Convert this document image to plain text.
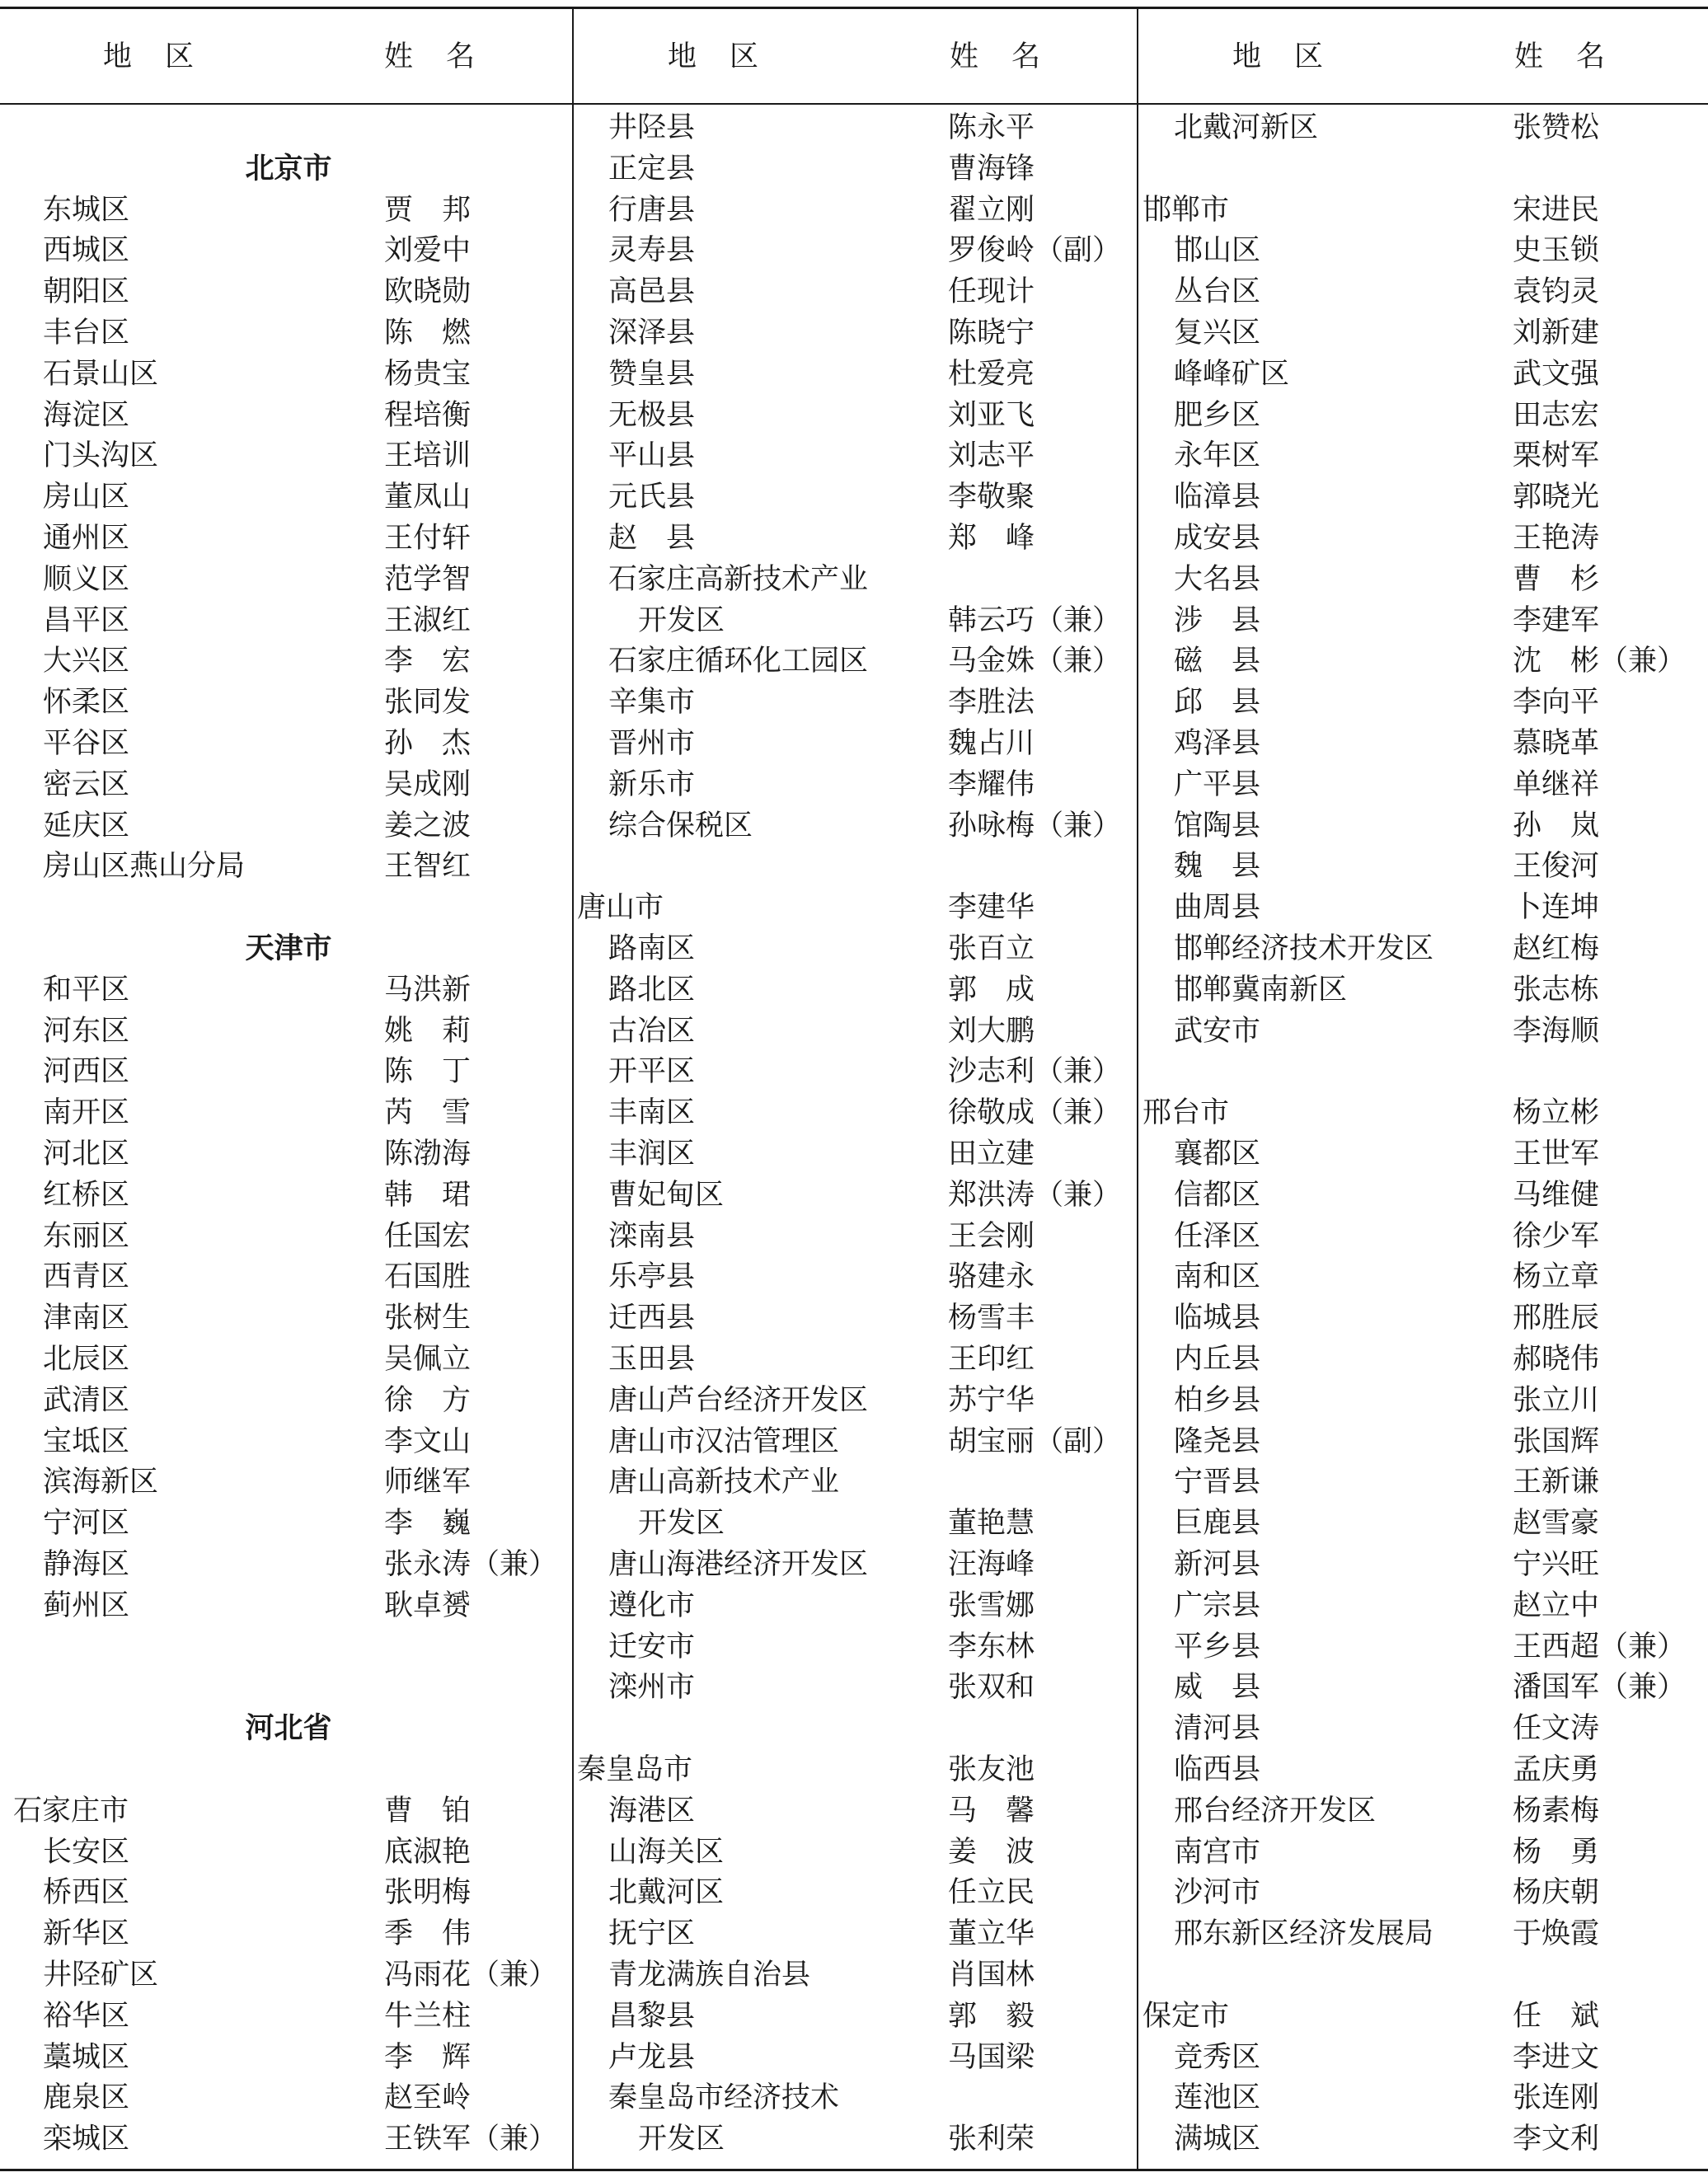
地区	姓名	地区	姓名	地区	姓名
北京市
东城区	贾　邦
西城区	刘爱中
朝阳区	欧晓勋
丰台区	陈　燃
石景山区	杨贵宝
海淀区	程培衡
门头沟区	王培训
房山区	董凤山
通州区	王付轩
顺义区	范学智
昌平区	王淑红
大兴区	李　宏
怀柔区	张同发
平谷区	孙　杰
密云区	吴成刚
延庆区	姜之波
房山区燕山分局	王智红
天津市
和平区	马洪新
河东区	姚　莉
河西区	陈　丁
南开区	芮　雪
河北区	陈渤海
红桥区	韩　珺
东丽区	任国宏
西青区	石国胜
津南区	张树生
北辰区	吴佩立
武清区	徐　方
宝坻区	李文山
滨海新区	师继军
宁河区	李　巍
静海区	张永涛（兼）
蓟州区	耿卓赟
河北省
石家庄市	曹　铂
长安区	底淑艳
桥西区	张明梅
新华区	季　伟
井陉矿区	冯雨花（兼）
裕华区	牛兰柱
藁城区	李　辉
鹿泉区	赵至岭
栾城区	王铁军（兼）
井陉县	陈永平
正定县	曹海锋
行唐县	翟立刚
灵寿县	罗俊岭（副）
高邑县	任现计
深泽县	陈晓宁
赞皇县	杜爱亮
无极县	刘亚飞
平山县	刘志平
元氏县	李敬聚
赵　县	郑　峰
石家庄高新技术产业
开发区	韩云巧（兼）
石家庄循环化工园区	马金姝（兼）
辛集市	李胜法
晋州市	魏占川
新乐市	李耀伟
综合保税区	孙咏梅（兼）
唐山市	李建华
路南区	张百立
路北区	郭　成
古冶区	刘大鹏
开平区	沙志利（兼）
丰南区	徐敬成（兼）
丰润区	田立建
曹妃甸区	郑洪涛（兼）
滦南县	王会刚
乐亭县	骆建永
迁西县	杨雪丰
玉田县	王印红
唐山芦台经济开发区	苏宁华
唐山市汉沽管理区	胡宝丽（副）
唐山高新技术产业
开发区	董艳慧
唐山海港经济开发区	汪海峰
遵化市	张雪娜
迁安市	李东林
滦州市	张双和
秦皇岛市	张友池
海港区	马　馨
山海关区	姜　波
北戴河区	任立民
抚宁区	董立华
青龙满族自治县	肖国林
昌黎县	郭　毅
卢龙县	马国梁
秦皇岛市经济技术
开发区	张利荣
北戴河新区	张赞松
邯郸市	宋进民
邯山区	史玉锁
丛台区	袁钧灵
复兴区	刘新建
峰峰矿区	武文强
肥乡区	田志宏
永年区	栗树军
临漳县	郭晓光
成安县	王艳涛
大名县	曹　杉
涉　县	李建军
磁　县	沈　彬（兼）
邱　县	李向平
鸡泽县	慕晓革
广平县	单继祥
馆陶县	孙　岚
魏　县	王俊河
曲周县	卜连坤
邯郸经济技术开发区	赵红梅
邯郸冀南新区	张志栋
武安市	李海顺
邢台市	杨立彬
襄都区	王世军
信都区	马维健
任泽区	徐少军
南和区	杨立章
临城县	邢胜辰
内丘县	郝晓伟
柏乡县	张立川
隆尧县	张国辉
宁晋县	王新谦
巨鹿县	赵雪豪
新河县	宁兴旺
广宗县	赵立中
平乡县	王西超（兼）
威　县	潘国军（兼）
清河县	任文涛
临西县	孟庆勇
邢台经济开发区	杨素梅
南宫市	杨　勇
沙河市	杨庆朝
邢东新区经济发展局	于焕霞
保定市	任　斌
竞秀区	李进文
莲池区	张连刚
满城区	李文利
